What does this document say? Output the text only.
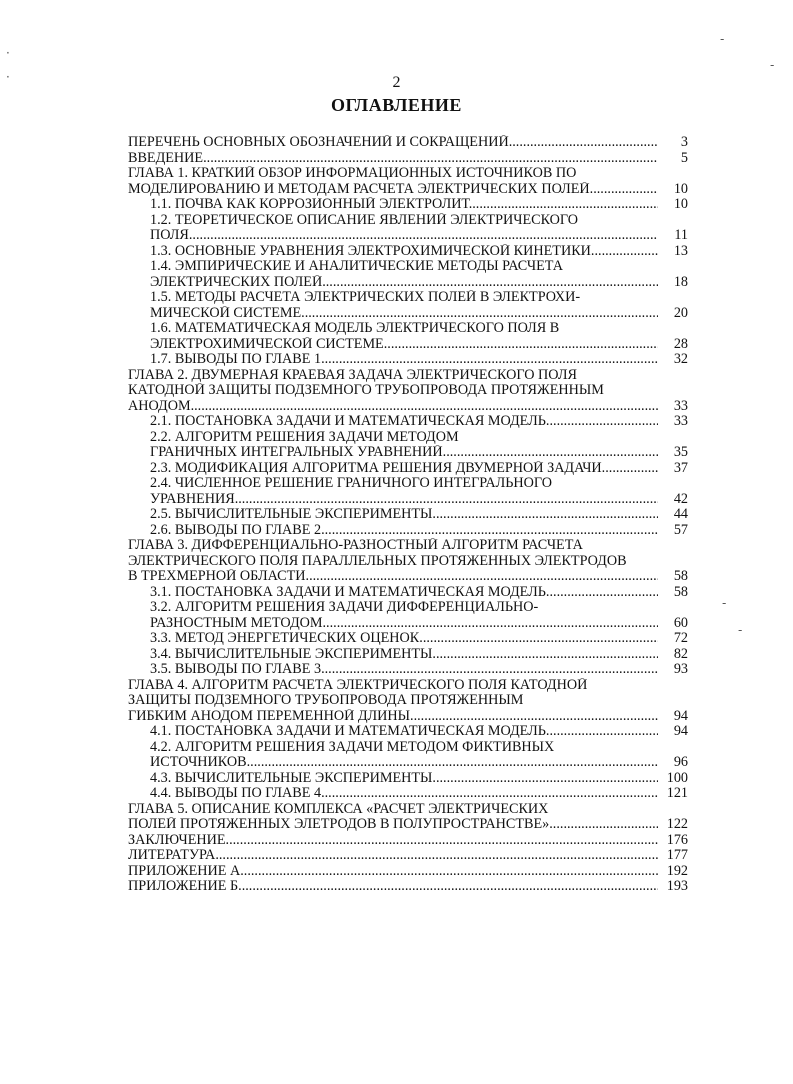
2
ОГЛАВЛЕНИЕ
ПЕРЕЧЕНЬ ОСНОВНЫХ ОБОЗНАЧЕНИЙ И СОКРАЩЕНИЙ .....	3
ВВЕДЕНИЕ .....	5
ГЛАВА 1. КРАТКИЙ ОБЗОР ИНФОРМАЦИОННЫХ ИСТОЧНИКОВ ПО
МОДЕЛИРОВАНИЮ И МЕТОДАМ РАСЧЕТА ЭЛЕКТРИЧЕСКИХ ПОЛЕЙ .....	10
1.1. ПОЧВА КАК КОРРОЗИОННЫЙ ЭЛЕКТРОЛИТ .....	10
1.2. ТЕОРЕТИЧЕСКОЕ ОПИСАНИЕ ЯВЛЕНИЙ ЭЛЕКТРИЧЕСКОГО
ПОЛЯ .....	11
1.3. ОСНОВНЫЕ УРАВНЕНИЯ ЭЛЕКТРОХИМИЧЕСКОЙ КИНЕТИКИ .....	13
1.4. ЭМПИРИЧЕСКИЕ И АНАЛИТИЧЕСКИЕ МЕТОДЫ РАСЧЕТА
ЭЛЕКТРИЧЕСКИХ ПОЛЕЙ .....	18
1.5. МЕТОДЫ РАСЧЕТА ЭЛЕКТРИЧЕСКИХ ПОЛЕЙ В ЭЛЕКТРОХИ-
МИЧЕСКОЙ СИСТЕМЕ .....	20
1.6. МАТЕМАТИЧЕСКАЯ МОДЕЛЬ ЭЛЕКТРИЧЕСКОГО ПОЛЯ В
ЭЛЕКТРОХИМИЧЕСКОЙ СИСТЕМЕ .....	28
1.7. ВЫВОДЫ ПО ГЛАВЕ 1 .....	32
ГЛАВА 2. ДВУМЕРНАЯ КРАЕВАЯ ЗАДАЧА ЭЛЕКТРИЧЕСКОГО ПОЛЯ
КАТОДНОЙ ЗАЩИТЫ ПОДЗЕМНОГО ТРУБОПРОВОДА ПРОТЯЖЕННЫМ
АНОДОМ .....	33
2.1. ПОСТАНОВКА ЗАДАЧИ И МАТЕМАТИЧЕСКАЯ МОДЕЛЬ .....	33
2.2. АЛГОРИТМ РЕШЕНИЯ ЗАДАЧИ МЕТОДОМ
ГРАНИЧНЫХ ИНТЕГРАЛЬНЫХ УРАВНЕНИЙ .....	35
2.3. МОДИФИКАЦИЯ АЛГОРИТМА РЕШЕНИЯ ДВУМЕРНОЙ ЗАДАЧИ .....	37
2.4. ЧИСЛЕННОЕ РЕШЕНИЕ ГРАНИЧНОГО ИНТЕГРАЛЬНОГО
УРАВНЕНИЯ .....	42
2.5. ВЫЧИСЛИТЕЛЬНЫЕ ЭКСПЕРИМЕНТЫ .....	44
2.6. ВЫВОДЫ ПО ГЛАВЕ 2 .....	57
ГЛАВА 3. ДИФФЕРЕНЦИАЛЬНО-РАЗНОСТНЫЙ АЛГОРИТМ РАСЧЕТА
ЭЛЕКТРИЧЕСКОГО ПОЛЯ ПАРАЛЛЕЛЬНЫХ ПРОТЯЖЕННЫХ ЭЛЕКТРОДОВ
В ТРЕХМЕРНОЙ ОБЛАСТИ .....	58
3.1. ПОСТАНОВКА ЗАДАЧИ И МАТЕМАТИЧЕСКАЯ МОДЕЛЬ .....	58
3.2. АЛГОРИТМ РЕШЕНИЯ ЗАДАЧИ ДИФФЕРЕНЦИАЛЬНО-
РАЗНОСТНЫМ МЕТОДОМ .....	60
3.3. МЕТОД ЭНЕРГЕТИЧЕСКИХ ОЦЕНОК .....	72
3.4. ВЫЧИСЛИТЕЛЬНЫЕ ЭКСПЕРИМЕНТЫ .....	82
3.5. ВЫВОДЫ ПО ГЛАВЕ 3 .....	93
ГЛАВА 4. АЛГОРИТМ РАСЧЕТА ЭЛЕКТРИЧЕСКОГО ПОЛЯ КАТОДНОЙ
ЗАЩИТЫ ПОДЗЕМНОГО ТРУБОПРОВОДА ПРОТЯЖЕННЫМ
ГИБКИМ АНОДОМ ПЕРЕМЕННОЙ ДЛИНЫ .....	94
4.1. ПОСТАНОВКА ЗАДАЧИ И МАТЕМАТИЧЕСКАЯ МОДЕЛЬ .....	94
4.2. АЛГОРИТМ РЕШЕНИЯ ЗАДАЧИ МЕТОДОМ ФИКТИВНЫХ
ИСТОЧНИКОВ .....	96
4.3. ВЫЧИСЛИТЕЛЬНЫЕ ЭКСПЕРИМЕНТЫ .....	100
4.4. ВЫВОДЫ ПО ГЛАВЕ 4 .....	121
ГЛАВА 5. ОПИСАНИЕ КОМПЛЕКСА «РАСЧЕТ ЭЛЕКТРИЧЕСКИХ
ПОЛЕЙ ПРОТЯЖЕННЫХ ЭЛЕТРОДОВ В ПОЛУПРОСТРАНСТВЕ» .....	122
ЗАКЛЮЧЕНИЕ .....	176
ЛИТЕРАТУРА .....	177
ПРИЛОЖЕНИЕ А .....	192
ПРИЛОЖЕНИЕ Б .....	193
·
·
-
-
-
-
